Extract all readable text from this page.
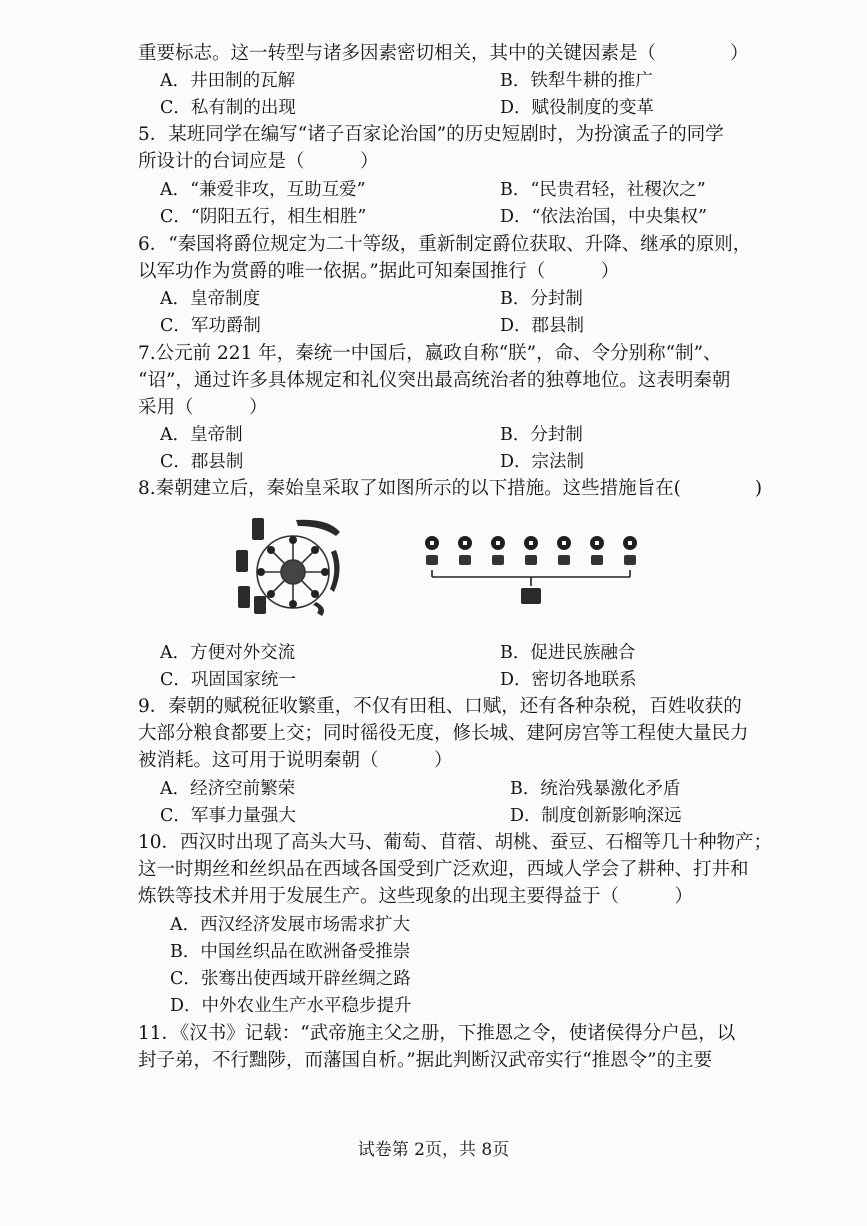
重要标志。这一转型与诸多因素密切相关，其中的关键因素是（　　　　）
A．井田制的瓦解	B．铁犁牛耕的推广
C．私有制的出现	D．赋役制度的变革
5．某班同学在编写“诸子百家论治国”的历史短剧时，为扮演孟子的同学
所设计的台词应是（　　　）
A．“兼爱非攻，互助互爱”	B．“民贵君轻，社稷次之”
C．“阴阳五行，相生相胜”	D．“依法治国，中央集权”
6．“秦国将爵位规定为二十等级，重新制定爵位获取、升降、继承的原则，
以军功作为赏爵的唯一依据。”据此可知秦国推行（　　　）
A．皇帝制度	B．分封制
C．军功爵制	D．郡县制
7.公元前 221 年，秦统一中国后，嬴政自称“朕”，命、令分别称“制”、
“诏”，通过许多具体规定和礼仪突出最高统治者的独尊地位。这表明秦朝
采用（　　　）
A．皇帝制	B．分封制
C．郡县制	D．宗法制
8.秦朝建立后，秦始皇采取了如图所示的以下措施。这些措施旨在(　　　　)
A．方便对外交流	B．促进民族融合
C．巩固国家统一	D．密切各地联系
9．秦朝的赋税征收繁重，不仅有田租、口赋，还有各种杂税，百姓收获的
大部分粮食都要上交；同时徭役无度，修长城、建阿房宫等工程使大量民力
被消耗。这可用于说明秦朝（　　　）
A．经济空前繁荣	B．统治残暴激化矛盾
C．军事力量强大	D．制度创新影响深远
10．西汉时出现了高头大马、葡萄、苜蓿、胡桃、蚕豆、石榴等几十种物产；
这一时期丝和丝织品在西域各国受到广泛欢迎，西域人学会了耕种、打井和
炼铁等技术并用于发展生产。这些现象的出现主要得益于（　　　）
A．西汉经济发展市场需求扩大
B．中国丝织品在欧洲备受推崇
C．张骞出使西域开辟丝绸之路
D．中外农业生产水平稳步提升
11．《汉书》记载：“武帝施主父之册，下推恩之令，使诸侯得分户邑，以
封子弟，不行黜陟，而藩国自析。”据此判断汉武帝实行“推恩令”的主要
试卷第 2页，共 8页
